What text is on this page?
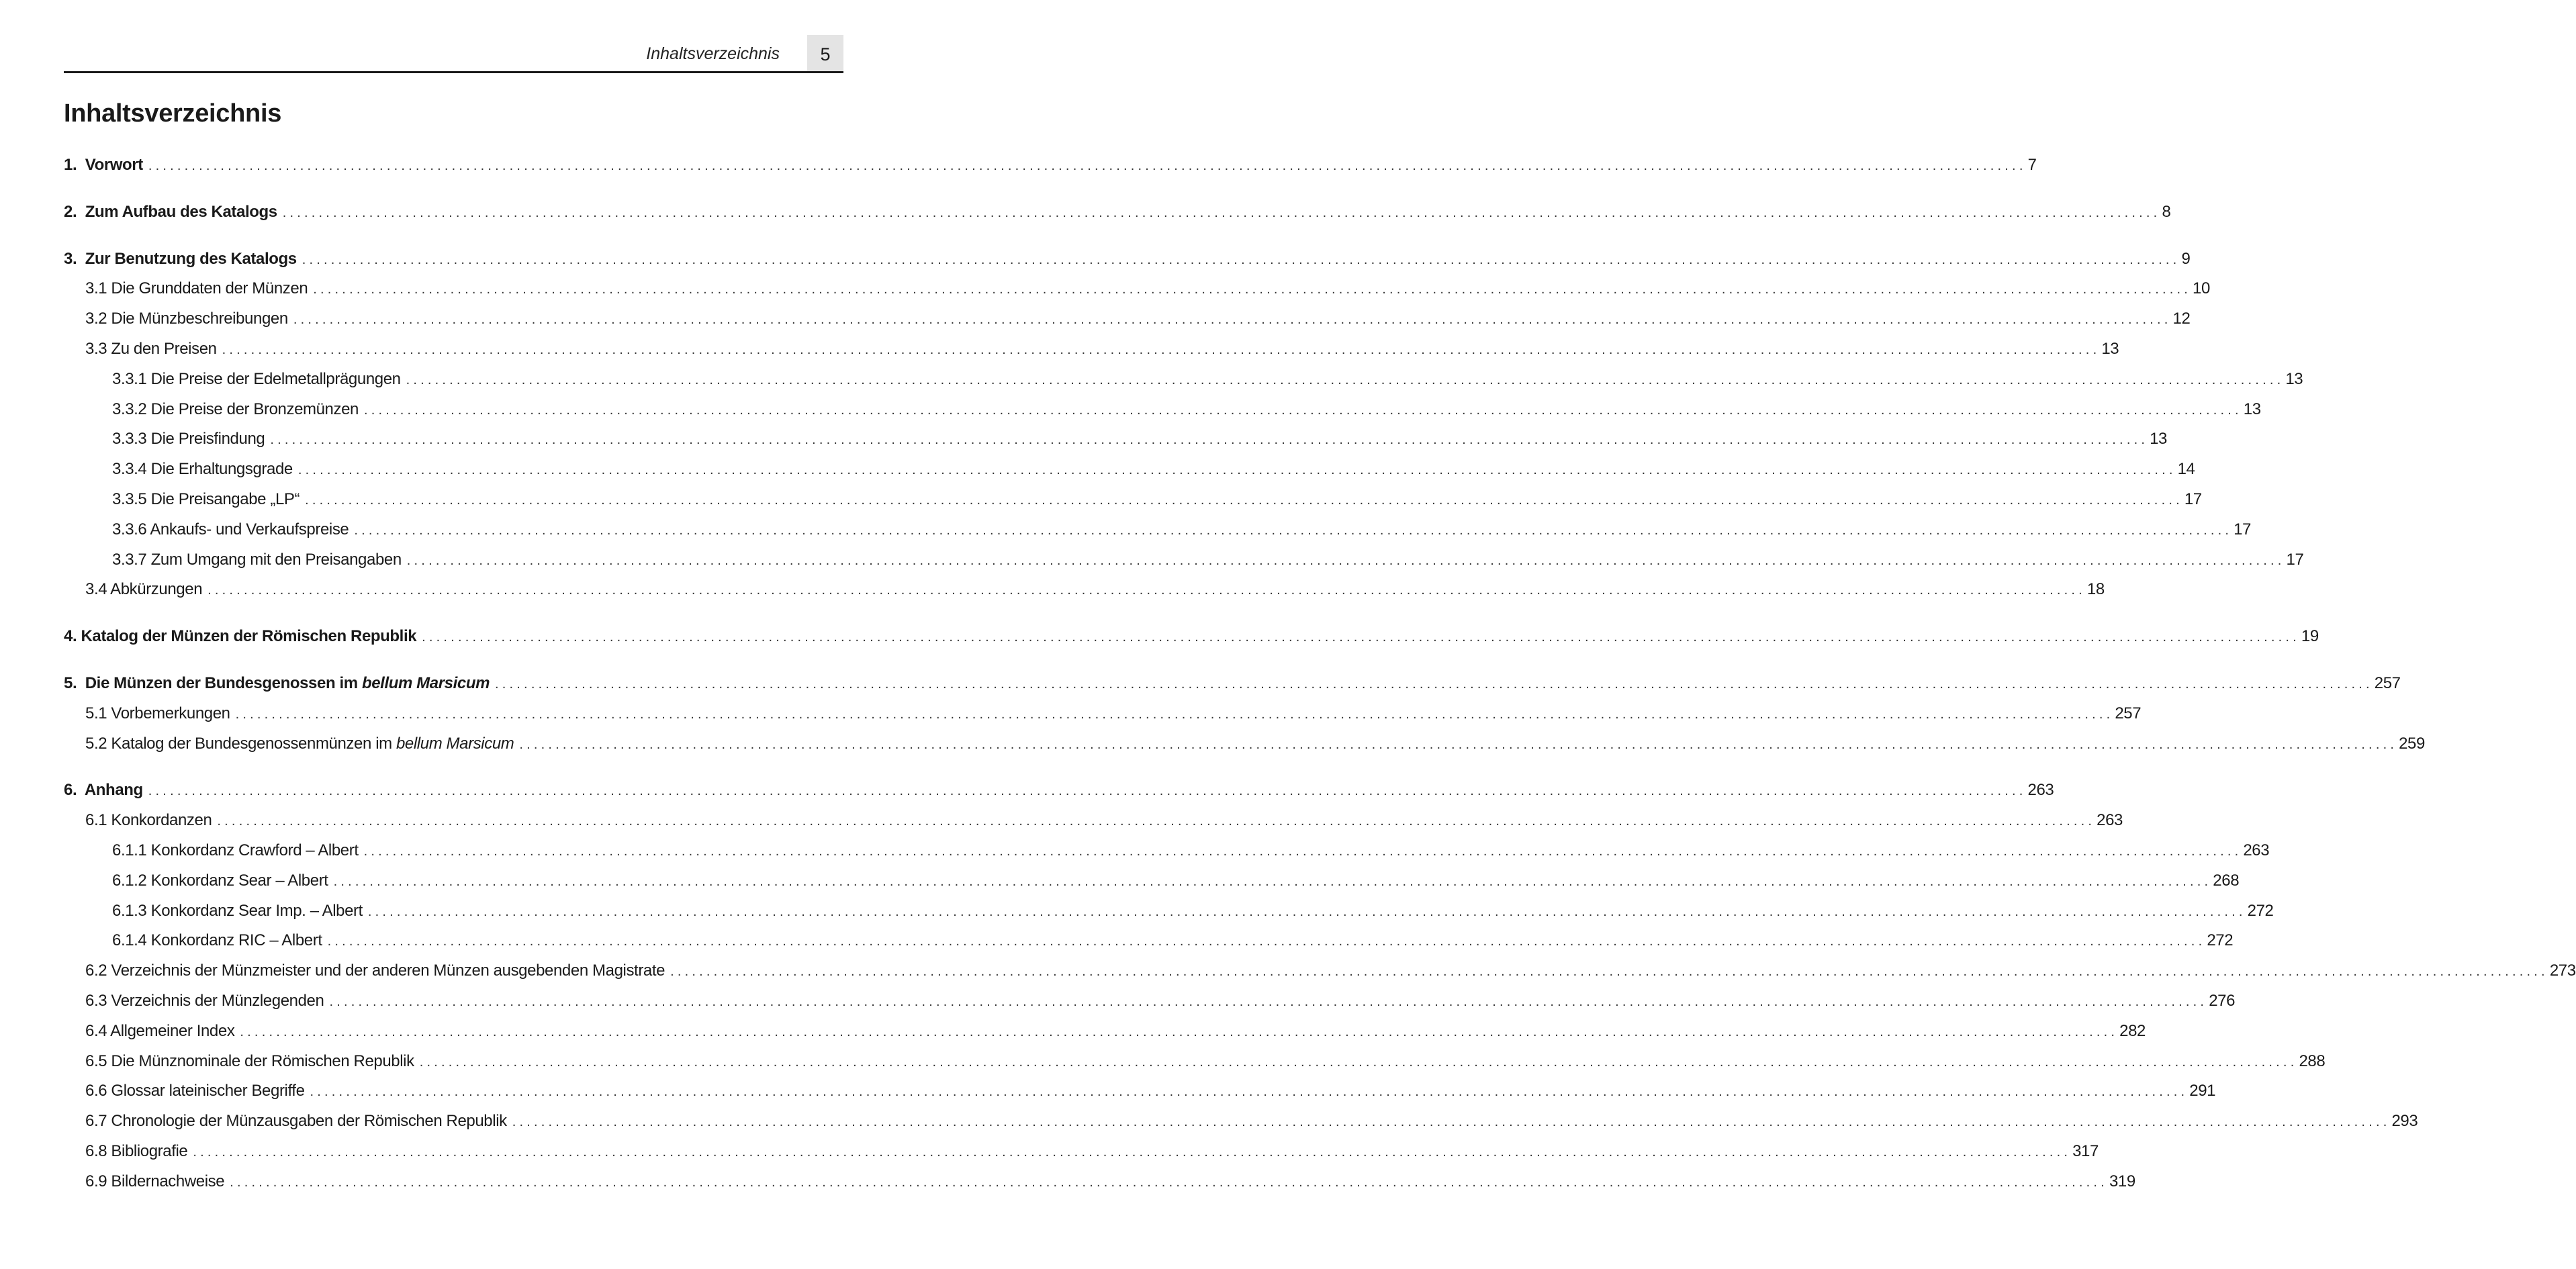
Inhaltsverzeichnis	5
Inhaltsverzeichnis
1.  Vorwort .................................................................................................................................................................................................................................................................... 7
2.  Zum Aufbau des Katalogs .................................................................................................................................................................................................................................................................... 8
3.  Zur Benutzung des Katalogs .................................................................................................................................................................................................................................................................... 9
3.1 Die Grunddaten der Münzen .................................................................................................................................................................................................................................................................... 10
3.2 Die Münzbeschreibungen .................................................................................................................................................................................................................................................................... 12
3.3 Zu den Preisen .................................................................................................................................................................................................................................................................... 13
3.3.1 Die Preise der Edelmetallprägungen .................................................................................................................................................................................................................................................................... 13
3.3.2 Die Preise der Bronzemünzen .................................................................................................................................................................................................................................................................... 13
3.3.3 Die Preisfindung .................................................................................................................................................................................................................................................................... 13
3.3.4 Die Erhaltungsgrade .................................................................................................................................................................................................................................................................... 14
3.3.5 Die Preisangabe „LP“ .................................................................................................................................................................................................................................................................... 17
3.3.6 Ankaufs- und Verkaufspreise .................................................................................................................................................................................................................................................................... 17
3.3.7 Zum Umgang mit den Preisangaben .................................................................................................................................................................................................................................................................... 17
3.4 Abkürzungen .................................................................................................................................................................................................................................................................... 18
4. Katalog der Münzen der Römischen Republik .................................................................................................................................................................................................................................................................... 19
5.  Die Münzen der Bundesgenossen im bellum Marsicum .................................................................................................................................................................................................................................................................... 257
5.1 Vorbemerkungen .................................................................................................................................................................................................................................................................... 257
5.2 Katalog der Bundesgenossenmünzen im bellum Marsicum .................................................................................................................................................................................................................................................................... 259
6.  Anhang .................................................................................................................................................................................................................................................................... 263
6.1 Konkordanzen .................................................................................................................................................................................................................................................................... 263
6.1.1 Konkordanz Crawford – Albert .................................................................................................................................................................................................................................................................... 263
6.1.2 Konkordanz Sear – Albert .................................................................................................................................................................................................................................................................... 268
6.1.3 Konkordanz Sear Imp. – Albert .................................................................................................................................................................................................................................................................... 272
6.1.4 Konkordanz RIC – Albert .................................................................................................................................................................................................................................................................... 272
6.2 Verzeichnis der Münzmeister und der anderen Münzen ausgebenden Magistrate .................................................................................................................................................................................................................................................................... 273
6.3 Verzeichnis der Münzlegenden .................................................................................................................................................................................................................................................................... 276
6.4 Allgemeiner Index .................................................................................................................................................................................................................................................................... 282
6.5 Die Münznominale der Römischen Republik .................................................................................................................................................................................................................................................................... 288
6.6 Glossar lateinischer Begriffe .................................................................................................................................................................................................................................................................... 291
6.7 Chronologie der Münzausgaben der Römischen Republik .................................................................................................................................................................................................................................................................... 293
6.8 Bibliografie .................................................................................................................................................................................................................................................................... 317
6.9 Bildernachweise .................................................................................................................................................................................................................................................................... 319
